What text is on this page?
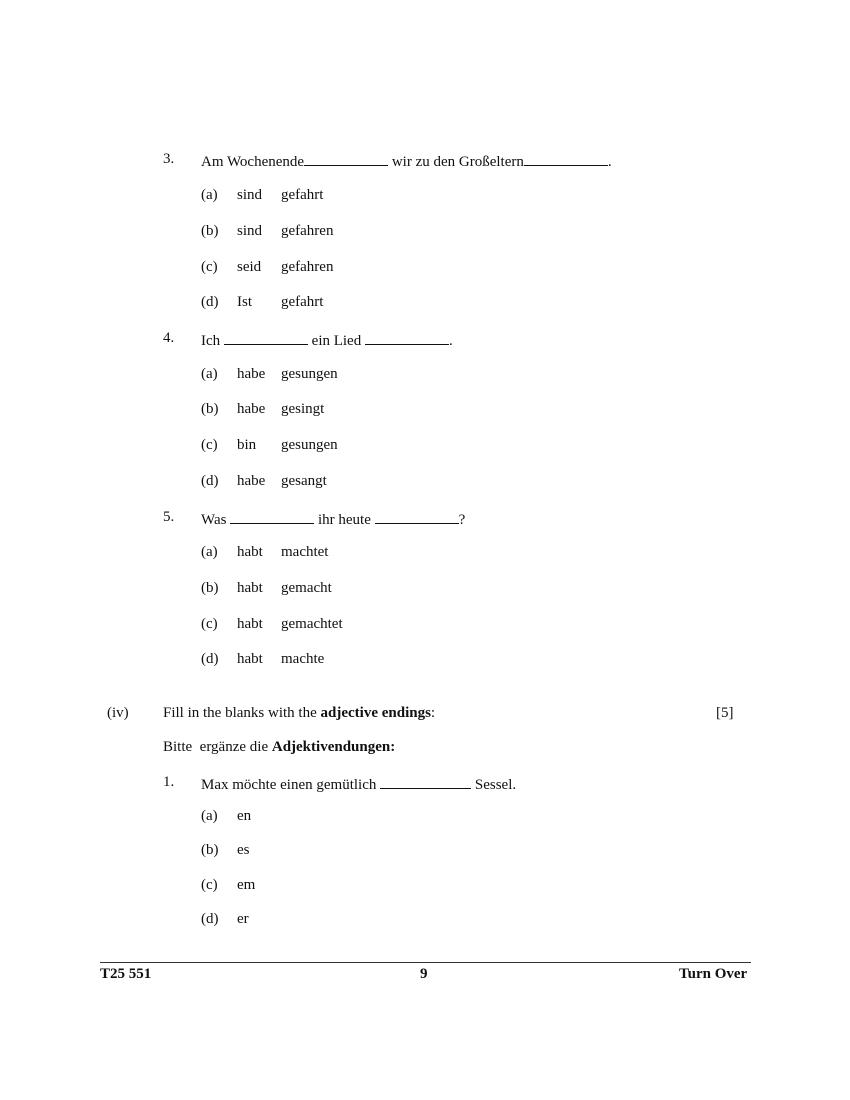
3. Am Wochenende	wir zu den Großeltern	.
(a) sind gefahrt
(b) sind gefahren
(c) seid gefahren
(d) Ist gefahrt
4. Ich	ein Lied	.
(a) habe gesungen
(b) habe gesingt
(c) bin gesungen
(d) habe gesangt
5. Was	ihr heute	?
(a) habt machtet
(b) habt gemacht
(c) habt gemachtet
(d) habt machte
(iv) Fill in the blanks with the adjective endings:	[5]
Bitte  ergänze die Adjektivendungen:
1. Max möchte einen gemütlich	Sessel.
(a) en
(b) es
(c) em
(d) er
T25 551	9	Turn Over
